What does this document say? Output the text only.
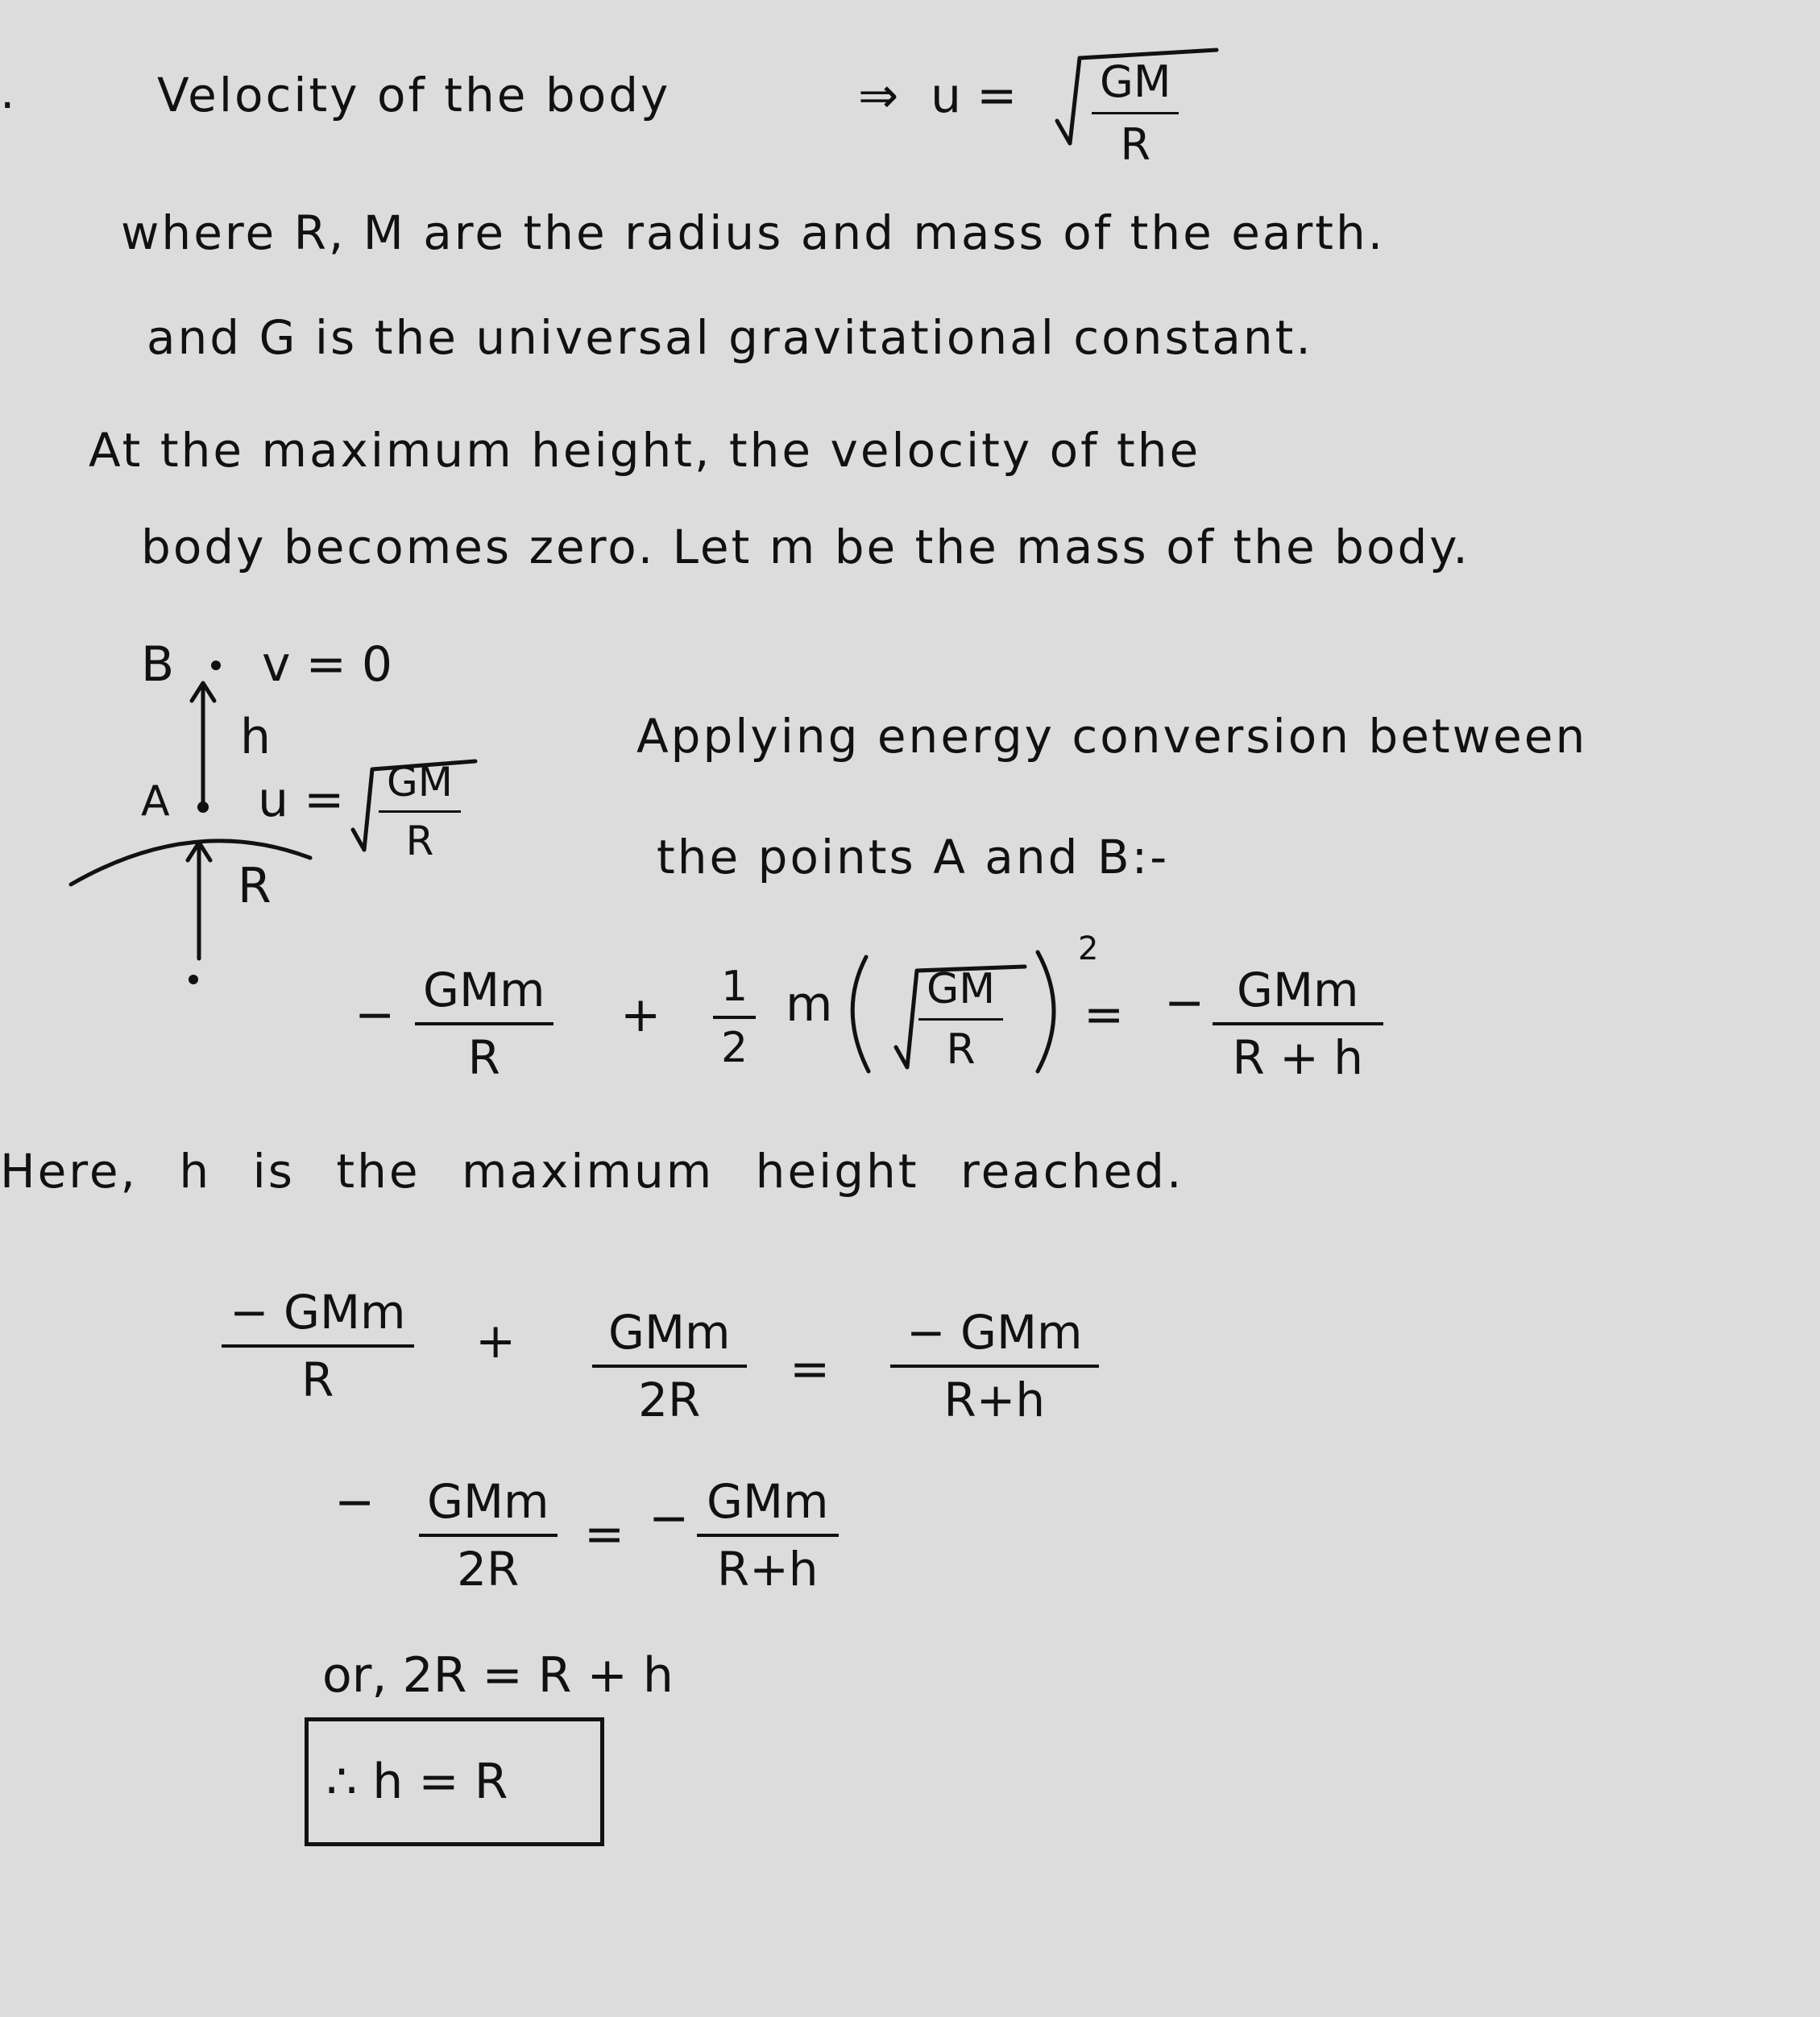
.	Velocity of the body	⇒ $u = \frac{GM}{R}$
where R, M are the radius and mass of the earth.
and G is the universal gravitational constant.
At the maximum height, the velocity of the
body becomes zero. Let m be the mass of the body.
B v = 0
h
A $u = \frac{GM}{R}$
R
Applying energy conversion between
the points A and B:-
− GMm
R
+ $\frac{1}{2}$ m $\frac{GM}{R}$
2
= − GMm
R + h
Here, h is the maximum height reached.
− GMm
R
+	GMm
2R
=
− GMm
R+h
− GMm
2R
= − GMm
R+h
or, 2R = R + h
∴ h = R
